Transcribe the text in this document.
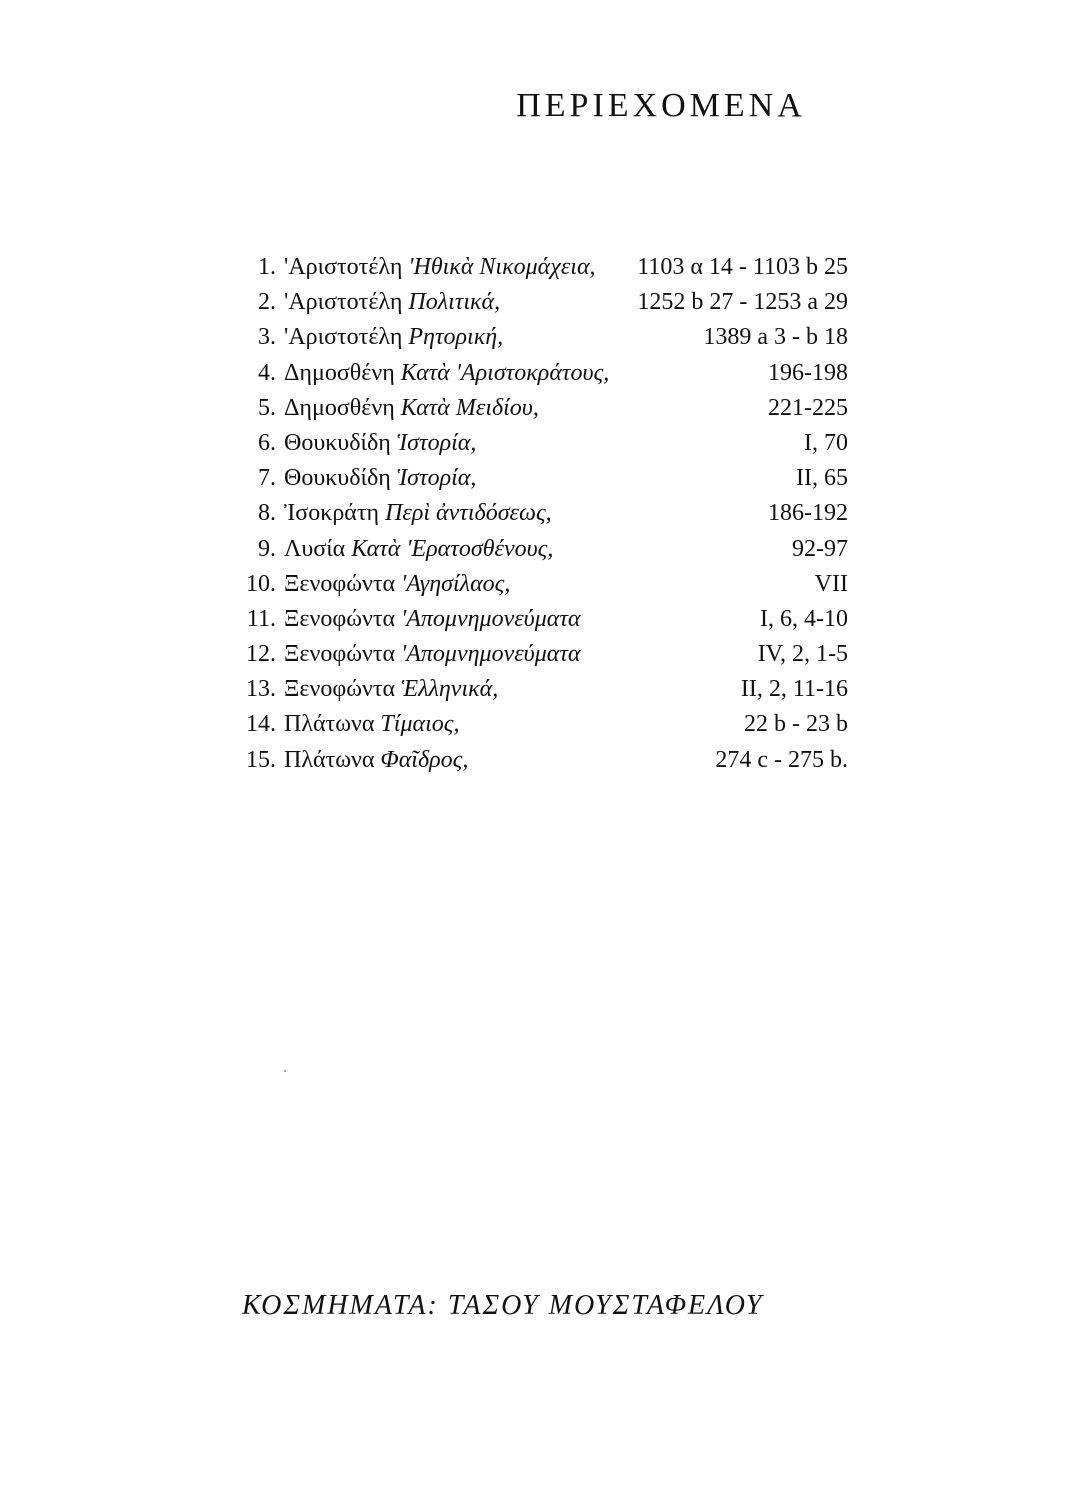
ΠΕΡΙΕΧΟΜΕΝΑ
1. 'Αριστοτέλη 'Ηθικὰ Νικομάχεια, 1103 α 14 - 1103 b 25
2. 'Αριστοτέλη Πολιτικά,	1252 b 27 - 1253 a 29
3. 'Αριστοτέλη Ρητορική,	1389 a 3 - b 18
4. Δημοσθένη Κατὰ 'Αριστοκράτους,	196-198
5. Δημοσθένη Κατὰ Μειδίου,	221-225
6. Θουκυδίδη Ἱστορία,	I, 70
7. Θουκυδίδη Ἱστορία,	II, 65
8. Ἰσοκράτη Περὶ ἀντιδόσεως,	186-192
9. Λυσία Κατὰ 'Ερατοσθένους,	92-97
10. Ξενοφώντα 'Αγησίλαος,	VII
11. Ξενοφώντα 'Απομνημονεύματα	I, 6, 4-10
12. Ξενοφώντα 'Απομνημονεύματα	IV, 2, 1-5
13. Ξενοφώντα Ἑλληνικά,	II, 2, 11-16
14. Πλάτωνα Τίμαιος,	22 b - 23 b
15. Πλάτωνα Φαῖδρος,	274 c - 275 b.
ΚΟΣΜΗΜΑΤΑ: ΤΑΣΟΥ ΜΟΥΣΤΑΦΕΛΟΥ
